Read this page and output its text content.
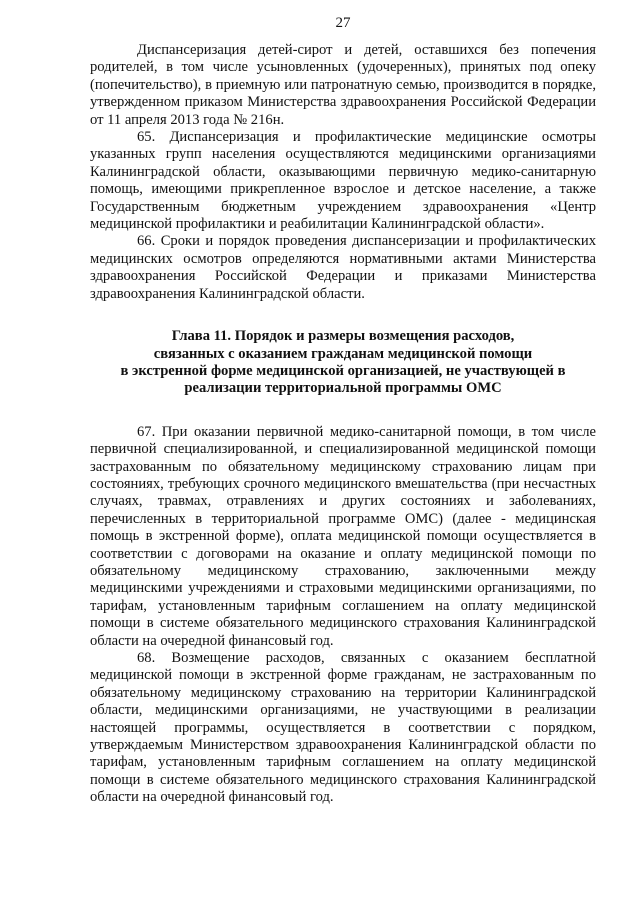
27

Диспансеризация детей-сирот и детей, оставшихся без попечения родителей, в том числе усыновленных (удочеренных), принятых под опеку (попечительство), в приемную или патронатную семью, производится в порядке, утвержденном приказом Министерства здравоохранения Российской Федерации от 11 апреля 2013 года № 216н.

65. Диспансеризация и профилактические медицинские осмотры указанных групп населения осуществляются медицинскими организациями Калининградской области, оказывающими первичную медико-санитарную помощь, имеющими прикрепленное взрослое и детское население, а также Государственным бюджетным учреждением здравоохранения «Центр медицинской профилактики и реабилитации Калининградской области».

66. Сроки и порядок проведения диспансеризации и профилактических медицинских осмотров определяются нормативными актами Министерства здравоохранения Российской Федерации и приказами Министерства здравоохранения Калининградской области.

Глава 11. Порядок и размеры возмещения расходов,
связанных с оказанием гражданам медицинской помощи
в экстренной форме медицинской организацией, не участвующей в
реализации территориальной программы ОМС

67. При оказании первичной медико-санитарной помощи, в том числе первичной специализированной, и специализированной медицинской помощи застрахованным по обязательному медицинскому страхованию лицам при состояниях, требующих срочного медицинского вмешательства (при несчастных случаях, травмах, отравлениях и других состояниях и заболеваниях, перечисленных в территориальной программе ОМС) (далее - медицинская помощь в экстренной форме), оплата медицинской помощи осуществляется в соответствии с договорами на оказание и оплату медицинской помощи по обязательному медицинскому страхованию, заключенными между медицинскими учреждениями и страховыми медицинскими организациями, по тарифам, установленным тарифным соглашением на оплату медицинской помощи в системе обязательного медицинского страхования Калининградской области на очередной финансовый год.

68. Возмещение расходов, связанных с оказанием бесплатной медицинской помощи в экстренной форме гражданам, не застрахованным по обязательному медицинскому страхованию на территории Калининградской области, медицинскими организациями, не участвующими в реализации настоящей программы, осуществляется в соответствии с порядком, утверждаемым Министерством здравоохранения Калининградской области по тарифам, установленным тарифным соглашением на оплату медицинской помощи в системе обязательного медицинского страхования Калининградской области на очередной финансовый год.
